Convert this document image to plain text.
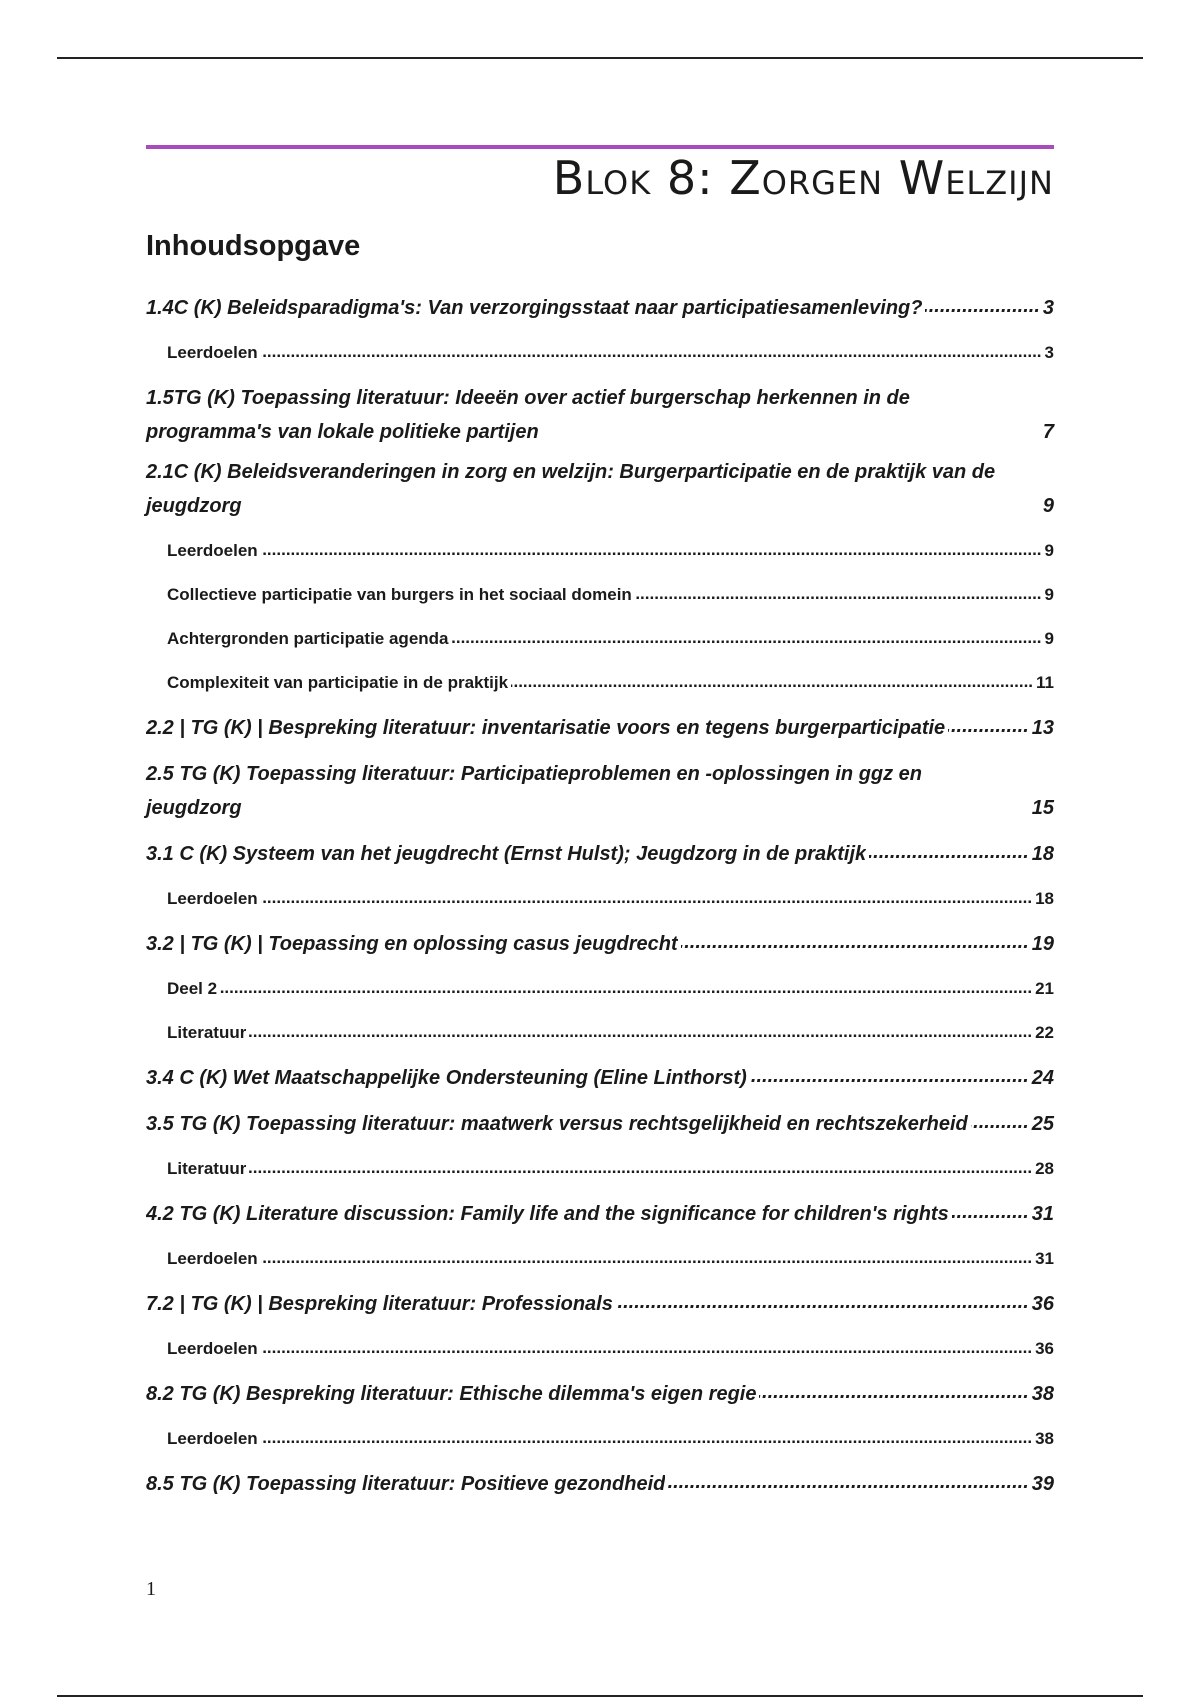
Blok 8: Zorgen Welzijn
Inhoudsopgave
1.4C (K) Beleidsparadigma's: Van verzorgingsstaat naar participatiesamenleving? .....	3
Leerdoelen .....	3
1.5TG (K) Toepassing literatuur: Ideeën over actief burgerschap herkennen in de
programma's van lokale politieke partijen	7
2.1C (K) Beleidsveranderingen in zorg en welzijn: Burgerparticipatie en de praktijk van de
jeugdzorg	9
Leerdoelen .....	9
Collectieve participatie van burgers in het sociaal domein .....	9
Achtergronden participatie agenda .....	9
Complexiteit van participatie in de praktijk .....	11
2.2 | TG (K) | Bespreking literatuur: inventarisatie voors en tegens burgerparticipatie .....	13
2.5 TG (K) Toepassing literatuur: Participatieproblemen en -oplossingen in ggz en
jeugdzorg	15
3.1 C (K) Systeem van het jeugdrecht (Ernst Hulst); Jeugdzorg in de praktijk .....	18
Leerdoelen .....	18
3.2 | TG (K) | Toepassing en oplossing casus jeugdrecht .....	19
Deel 2 .....	21
Literatuur .....	22
3.4 C (K) Wet Maatschappelijke Ondersteuning (Eline Linthorst) .....	24
3.5 TG (K) Toepassing literatuur: maatwerk versus rechtsgelijkheid en rechtszekerheid .....	25
Literatuur .....	28
4.2 TG (K) Literature discussion: Family life and the significance for children's rights .....	31
Leerdoelen .....	31
7.2 | TG (K) | Bespreking literatuur: Professionals .....	36
Leerdoelen .....	36
8.2 TG (K) Bespreking literatuur: Ethische dilemma's eigen regie .....	38
Leerdoelen .....	38
8.5 TG (K) Toepassing literatuur: Positieve gezondheid .....	39
1
